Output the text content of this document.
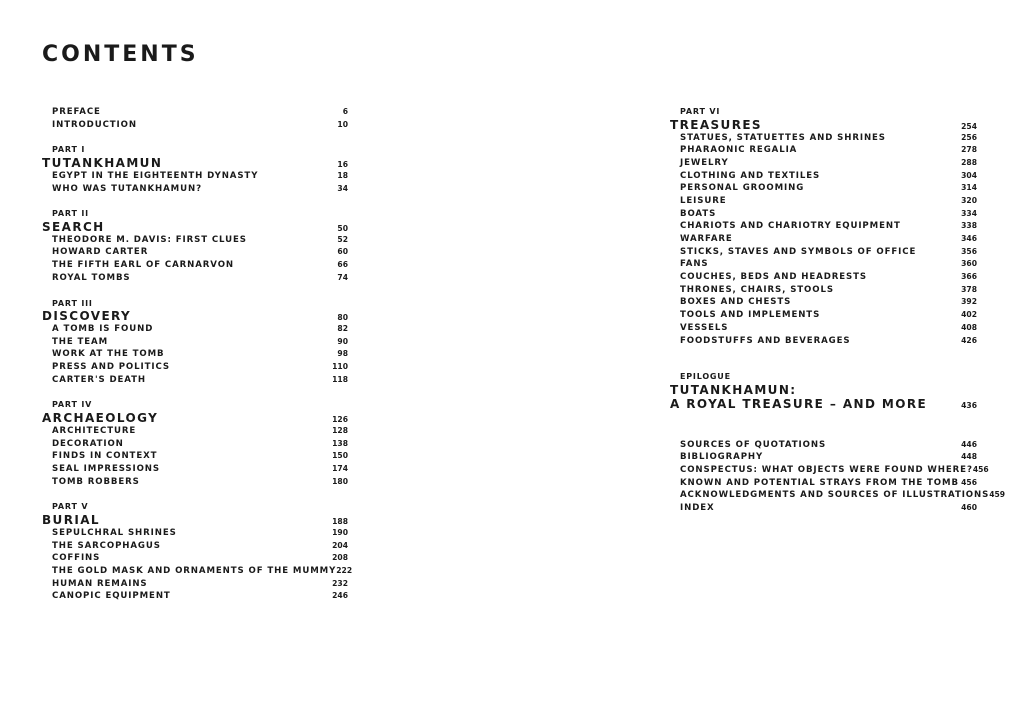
CONTENTS
PREFACE	6
INTRODUCTION	10
PART I
TUTANKHAMUN	16
EGYPT IN THE EIGHTEENTH DYNASTY	18
WHO WAS TUTANKHAMUN?	34
PART II
SEARCH	50
THEODORE M. DAVIS: FIRST CLUES	52
HOWARD CARTER	60
THE FIFTH EARL OF CARNARVON	66
ROYAL TOMBS	74
PART III
DISCOVERY	80
A TOMB IS FOUND	82
THE TEAM	90
WORK AT THE TOMB	98
PRESS AND POLITICS	110
CARTER'S DEATH	118
PART IV
ARCHAEOLOGY	126
ARCHITECTURE	128
DECORATION	138
FINDS IN CONTEXT	150
SEAL IMPRESSIONS	174
TOMB ROBBERS	180
PART V
BURIAL	188
SEPULCHRAL SHRINES	190
THE SARCOPHAGUS	204
COFFINS	208
THE GOLD MASK AND ORNAMENTS OF THE MUMMY 222
HUMAN REMAINS	232
CANOPIC EQUIPMENT	246
PART VI
TREASURES	254
STATUES, STATUETTES AND SHRINES	256
PHARAONIC REGALIA	278
JEWELRY	288
CLOTHING AND TEXTILES	304
PERSONAL GROOMING	314
LEISURE	320
BOATS	334
CHARIOTS AND CHARIOTRY EQUIPMENT	338
WARFARE	346
STICKS, STAVES AND SYMBOLS OF OFFICE	356
FANS	360
COUCHES, BEDS AND HEADRESTS	366
THRONES, CHAIRS, STOOLS	378
BOXES AND CHESTS	392
TOOLS AND IMPLEMENTS	402
VESSELS	408
FOODSTUFFS AND BEVERAGES	426
EPILOGUE
TUTANKHAMUN:
A ROYAL TREASURE – AND MORE	436
SOURCES OF QUOTATIONS	446
BIBLIOGRAPHY	448
CONSPECTUS: WHAT OBJECTS WERE FOUND WHERE? 456
KNOWN AND POTENTIAL STRAYS FROM THE TOMB 456
ACKNOWLEDGMENTS AND SOURCES OF ILLUSTRATIONS 459
INDEX	460
